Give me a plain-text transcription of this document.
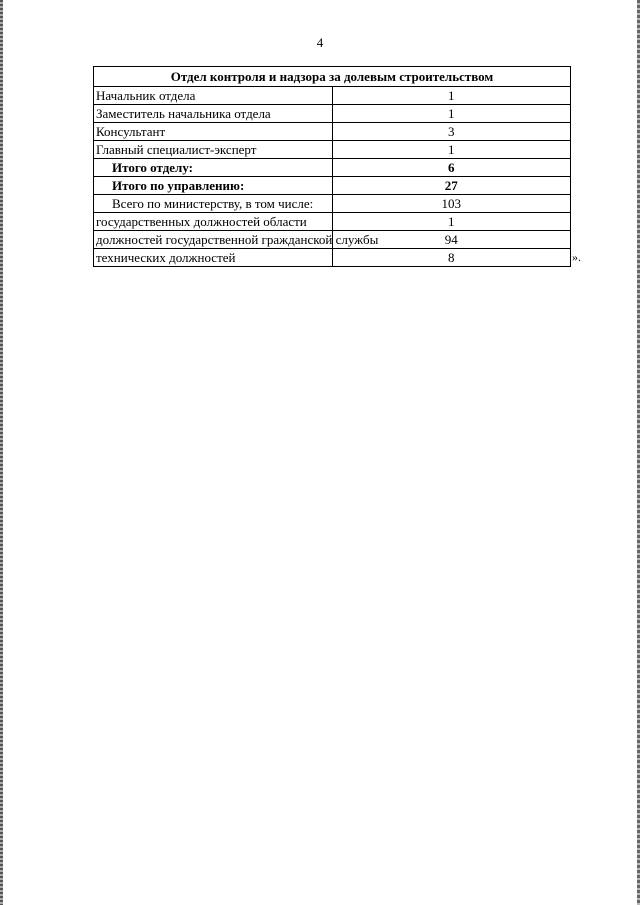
4
Отдел контроля и надзора за долевым строительством	
Начальник отдела	1
Заместитель начальника отдела	1
Консультант	3
Главный специалист-эксперт	1
Итого отделу:	6
Итого по управлению:	27
Всего по министерству, в том числе:	103
государственных должностей области	1
должностей государственной гражданской службы	94
технических должностей	8	».
